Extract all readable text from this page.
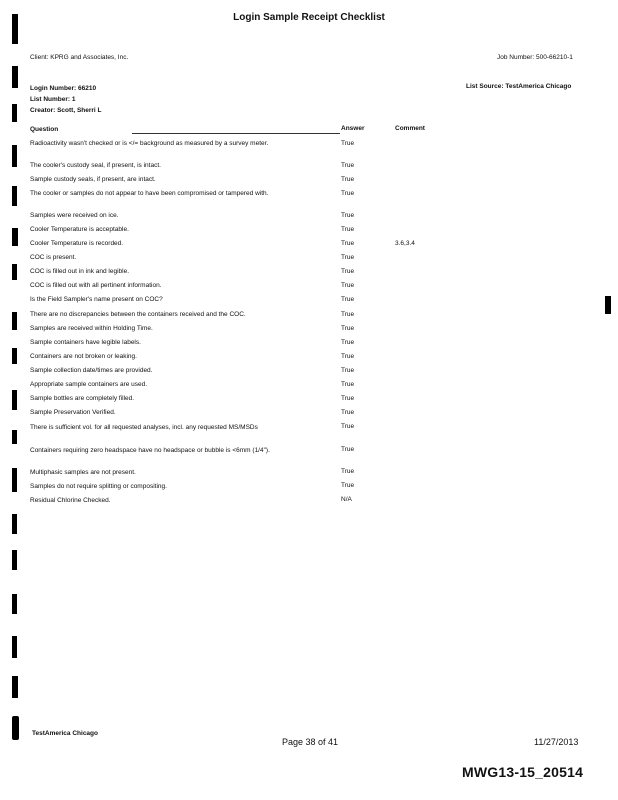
Login Sample Receipt Checklist
Client: KPRG and Associates, Inc.	Job Number: 500-66210-1
Login Number: 66210	List Source: TestAmerica Chicago
List Number: 1
Creator: Scott, Sherri L
Question	Answer	Comment
Radioactivity wasn't checked or is </= background as measured by a survey meter.	True
The cooler's custody seal, if present, is intact.	True
Sample custody seals, if present, are intact.	True
The cooler or samples do not appear to have been compromised or tampered with.	True
Samples were received on ice.	True
Cooler Temperature is acceptable.	True
Cooler Temperature is recorded.	True	3.6,3.4
COC is present.	True
COC is filled out in ink and legible.	True
COC is filled out with all pertinent information.	True
Is the Field Sampler's name present on COC?	True
There are no discrepancies between the containers received and the COC.	True
Samples are received within Holding Time.	True
Sample containers have legible labels.	True
Containers are not broken or leaking.	True
Sample collection date/times are provided.	True
Appropriate sample containers are used.	True
Sample bottles are completely filled.	True
Sample Preservation Verified.	True
There is sufficient vol. for all requested analyses, incl. any requested MS/MSDs	True
Containers requiring zero headspace have no headspace or bubble is <6mm (1/4").	True
Multiphasic samples are not present.	True
Samples do not require splitting or compositing.	True
Residual Chlorine Checked.	N/A
TestAmerica Chicago
Page 38 of 41	11/27/2013
MWG13-15_20514
